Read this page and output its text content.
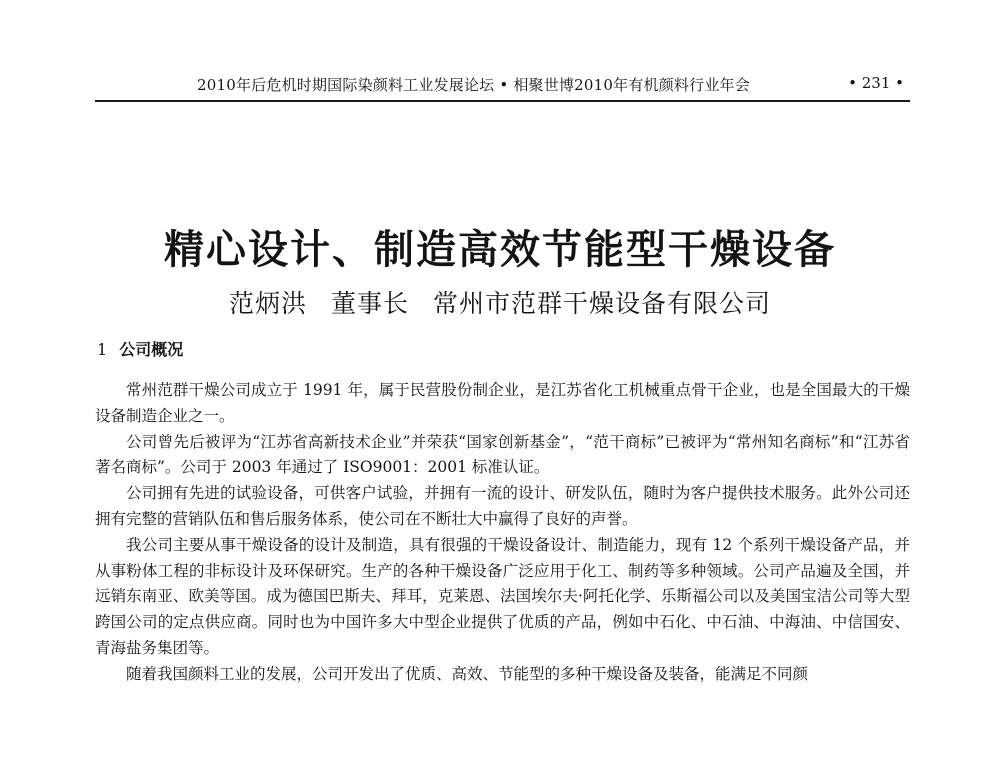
2010年后危机时期国际染颜料工业发展论坛 • 相聚世博2010年有机颜料行业年会	• 231 •
精心设计、制造高效节能型干燥设备
范炳洪 董事长 常州市范群干燥设备有限公司
1 公司概况

常州范群干燥公司成立于 1991 年，属于民营股份制企业，是江苏省化工机械重点骨干企业，也是全国最大的干燥设备制造企业之一。

公司曾先后被评为“江苏省高新技术企业”并荣获“国家创新基金”，“范干商标”已被评为“常州知名商标”和“江苏省著名商标”。公司于 2003 年通过了 ISO9001：2001 标准认证。

公司拥有先进的试验设备，可供客户试验，并拥有一流的设计、研发队伍，随时为客户提供技术服务。此外公司还拥有完整的营销队伍和售后服务体系，使公司在不断壮大中赢得了良好的声誉。

我公司主要从事干燥设备的设计及制造，具有很强的干燥设备设计、制造能力，现有 12 个系列干燥设备产品，并从事粉体工程的非标设计及环保研究。生产的各种干燥设备广泛应用于化工、制药等多种领域。公司产品遍及全国，并远销东南亚、欧美等国。成为德国巴斯夫、拜耳，克莱恩、法国埃尔夫·阿托化学、乐斯福公司以及美国宝洁公司等大型跨国公司的定点供应商。同时也为中国许多大中型企业提供了优质的产品，例如中石化、中石油、中海油、中信国安、青海盐务集团等。

随着我国颜料工业的发展，公司开发出了优质、高效、节能型的多种干燥设备及装备，能满足不同颜
